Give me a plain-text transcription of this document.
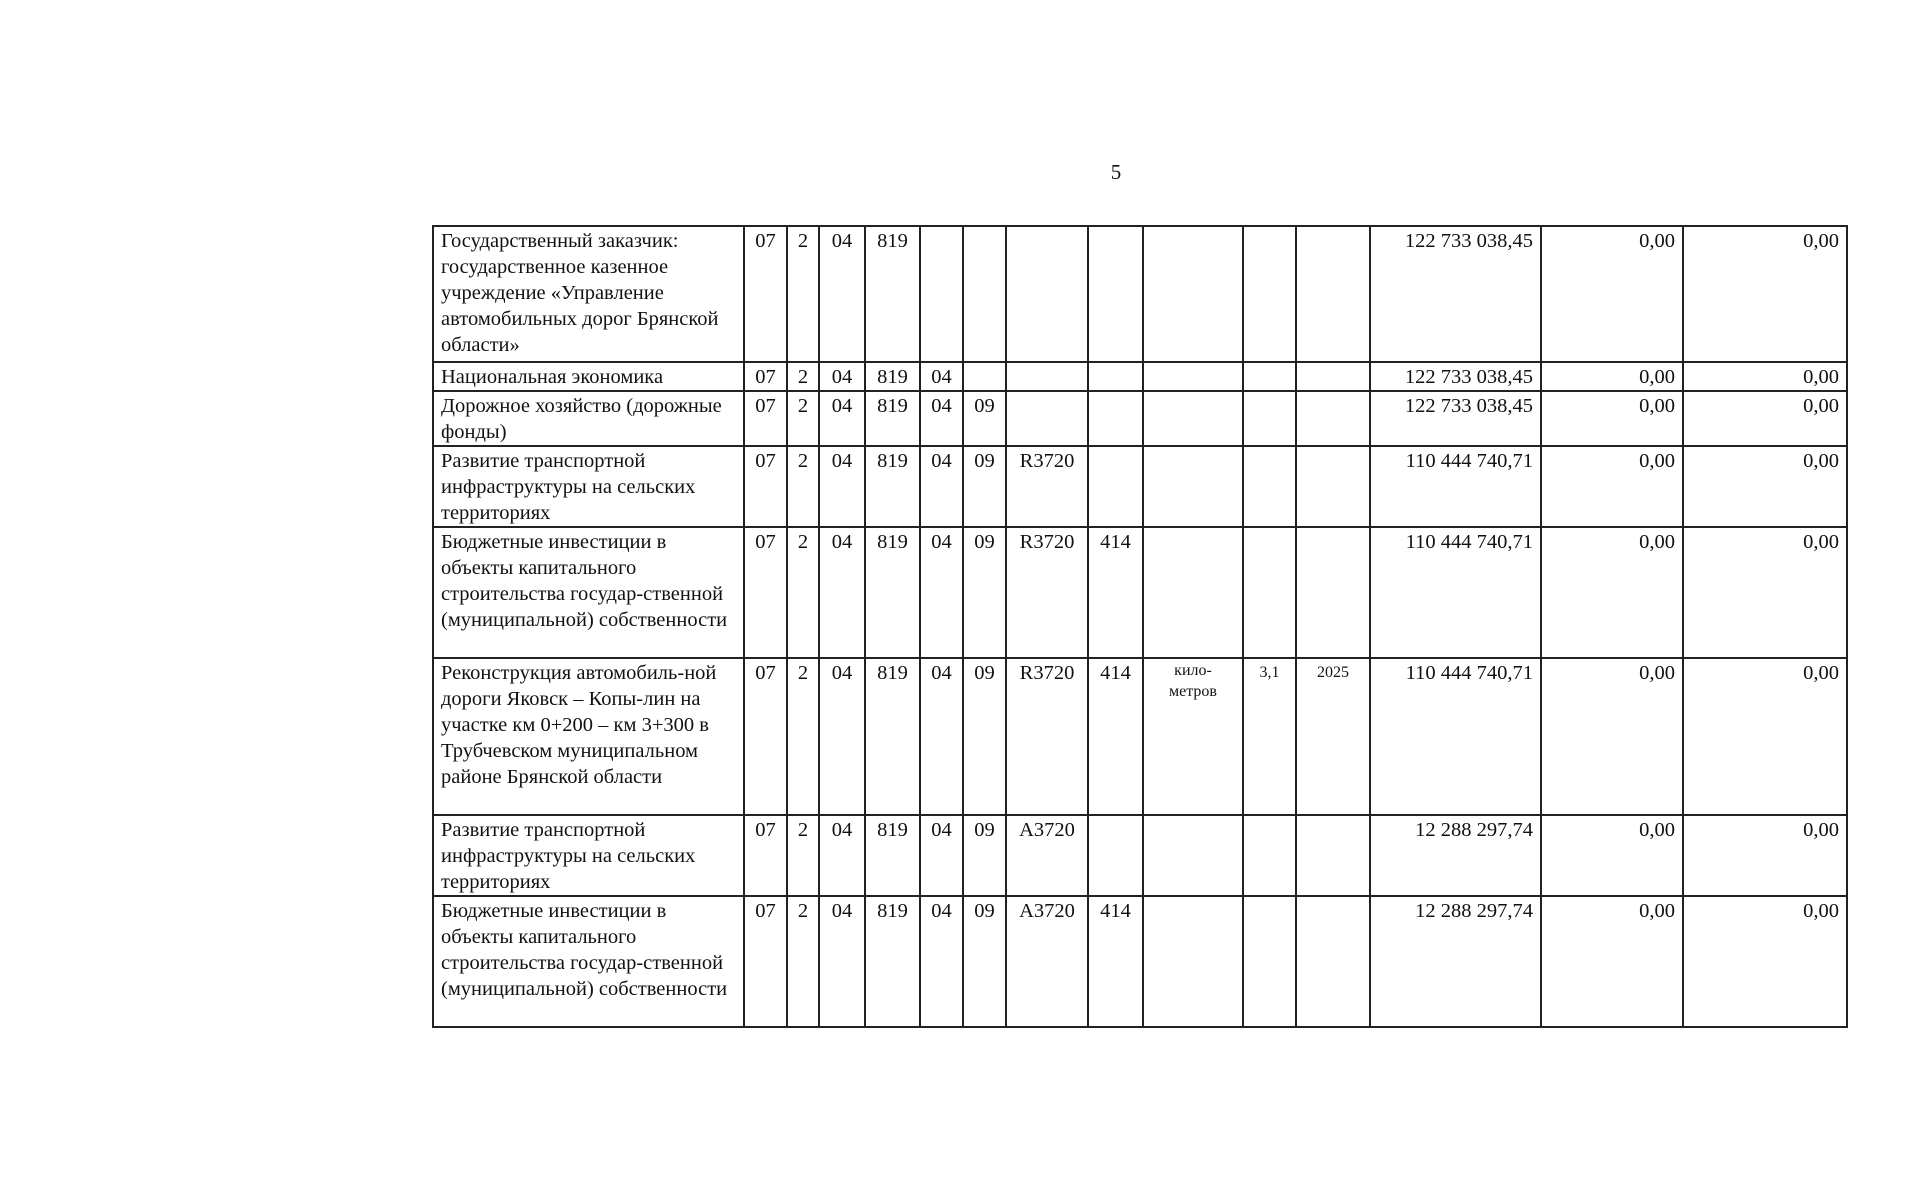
5
Государственный заказчик: государственное казенное учреждение «Управление автомобильных дорог Брянской области»	07	2	04	819								122 733 038,45	0,00	0,00
Национальная экономика	07	2	04	819	04							122 733 038,45	0,00	0,00
Дорожное хозяйство (дорожные фонды)	07	2	04	819	04	09						122 733 038,45	0,00	0,00
Развитие транспортной инфраструктуры на сельских территориях	07	2	04	819	04	09	R3720					110 444 740,71	0,00	0,00
Бюджетные инвестиции в объекты капитального строительства государ-ственной (муниципальной) собственности	07	2	04	819	04	09	R3720	414				110 444 740,71	0,00	0,00
Реконструкция автомобиль-ной дороги Яковск – Копы-лин на участке км 0+200 – км 3+300 в Трубчевском муниципальном районе Брянской области	07	2	04	819	04	09	R3720	414	кило-метров	3,1	2025	110 444 740,71	0,00	0,00
Развитие транспортной инфраструктуры на сельских территориях	07	2	04	819	04	09	А3720					12 288 297,74	0,00	0,00
Бюджетные инвестиции в объекты капитального строительства государ-ственной (муниципальной) собственности	07	2	04	819	04	09	А3720	414				12 288 297,74	0,00	0,00
